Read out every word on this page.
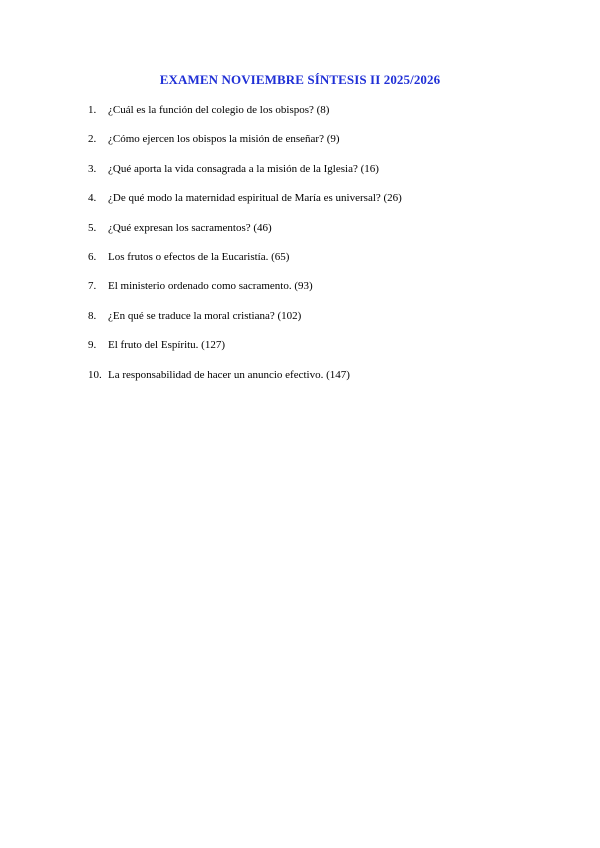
EXAMEN NOVIEMBRE SÍNTESIS II 2025/2026
1.	¿Cuál es la función del colegio de los obispos? (8)
2.	¿Cómo ejercen los obispos la misión de enseñar? (9)
3.	¿Qué aporta la vida consagrada a la misión de la Iglesia? (16)
4.	¿De qué modo la maternidad espiritual de María es universal? (26)
5.	¿Qué expresan los sacramentos? (46)
6.	Los frutos o efectos de la Eucaristía. (65)
7.	El ministerio ordenado como sacramento. (93)
8.	¿En qué se traduce la moral cristiana? (102)
9.	El fruto del Espíritu. (127)
10. La responsabilidad de hacer un anuncio efectivo. (147)
